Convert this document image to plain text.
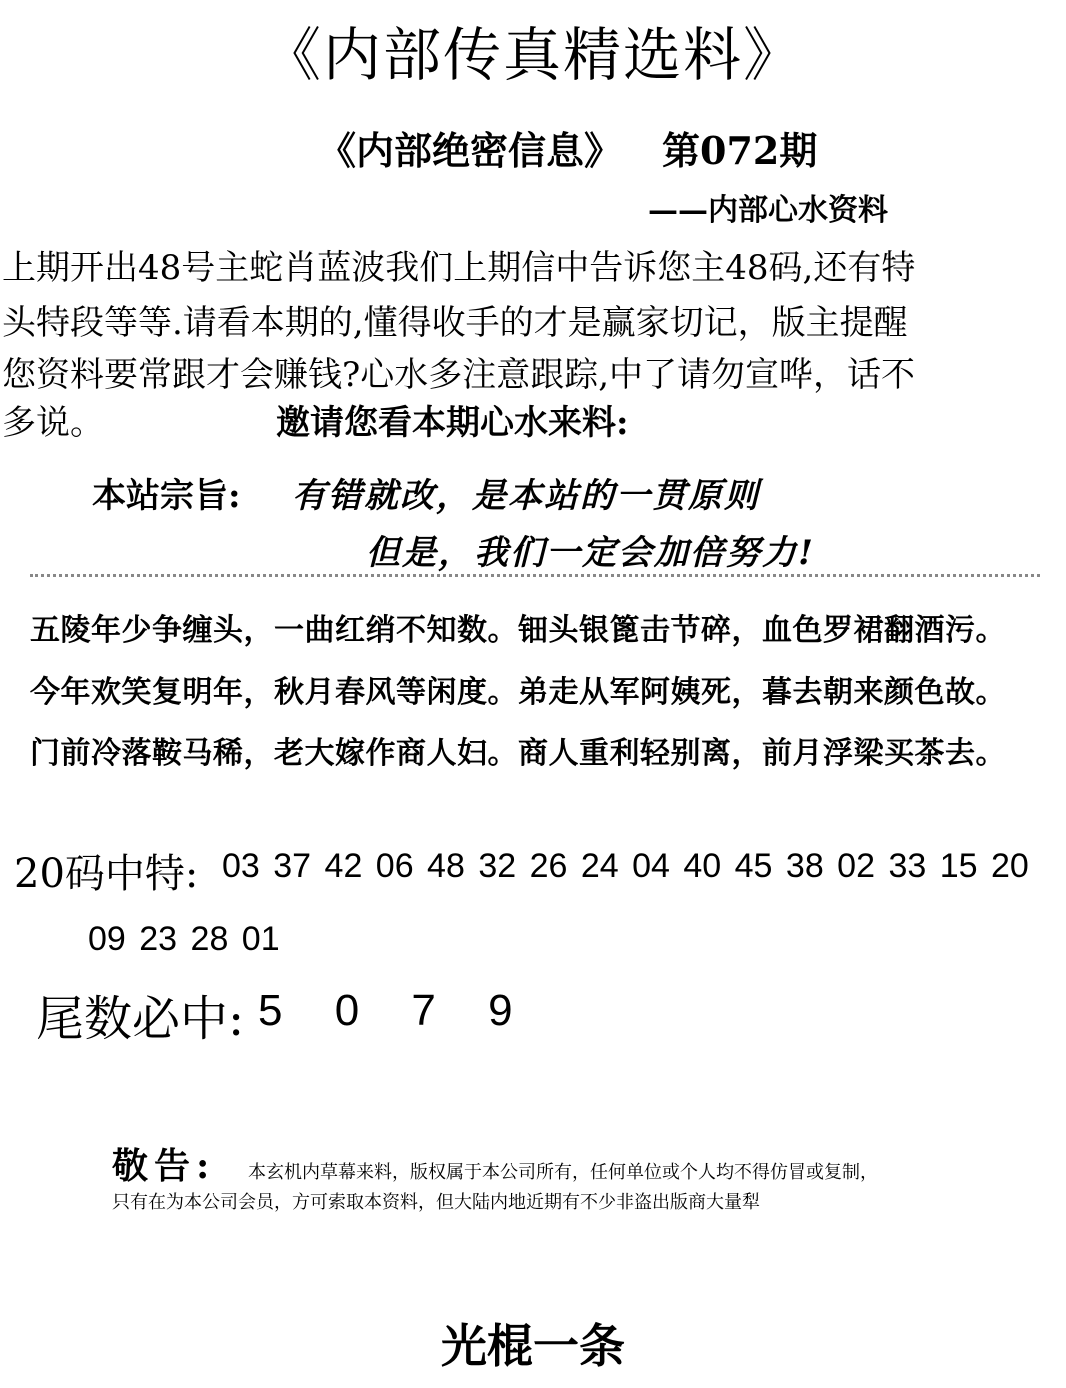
《内部传真精选料》
《内部绝密信息》 第072期
——内部心水资料
上期开出48号主蛇肖蓝波我们上期信中告诉您主48码,还有特
头特段等等.请看本期的,懂得收手的才是赢家切记，版主提醒
您资料要常跟才会赚钱?心水多注意跟踪,中了请勿宣哗，话不
多说。	邀请您看本期心水来料:
本站宗旨: 有错就改，是本站的一贯原则
但是，我们一定会加倍努力!
五陵年少争缠头，一曲红绡不知数。钿头银篦击节碎，血色罗裙翻酒污。
今年欢笑复明年，秋月春风等闲度。弟走从军阿姨死，暮去朝来颜色故。
门前冷落鞍马稀，老大嫁作商人妇。商人重利轻别离，前月浮梁买茶去。
20码中特: 03 37 42 06 48 32 26 24 04 40 45 38 02 33 15 20
09 23 28 01
尾数必中: 5 0 7 9
敬告: 本玄机内草幕来料，版权属于本公司所有，任何单位或个人均不得仿冒或复制，
只有在为本公司会员，方可索取本资料，但大陆内地近期有不少非盗出版商大量犁
光棍一条
